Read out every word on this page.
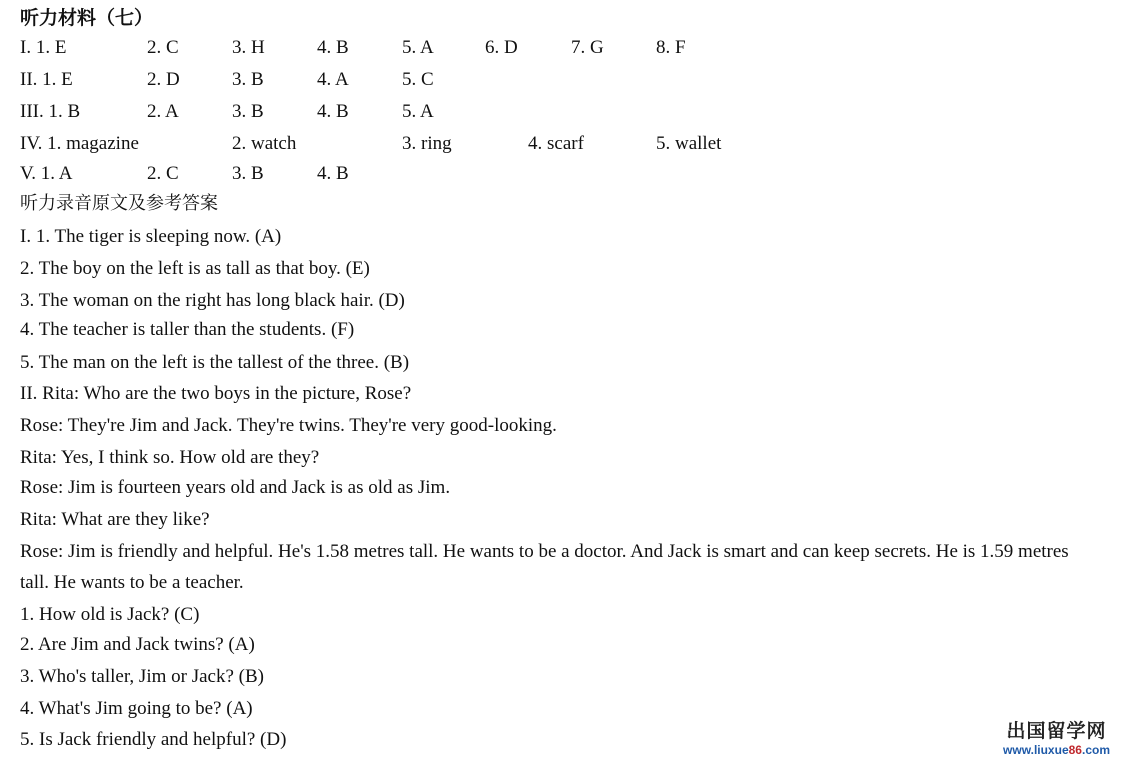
听力材料（七）
I. 1. E	2. C	3. H	4. B	5. A	6. D	7. G	8. F
II. 1. E	2. D	3. B	4. A	5. C
III. 1. B	2. A	3. B	4. B	5. A
IV. 1. magazine	2. watch	3. ring	4. scarf	5. wallet
V. 1. A	2. C	3. B	4. B
听力录音原文及参考答案
I. 1. The tiger is sleeping now. (A)
2. The boy on the left is as tall as that boy. (E)
3. The woman on the right has long black hair. (D)
4. The teacher is taller than the students. (F)
5. The man on the left is the tallest of the three. (B)
II. Rita: Who are the two boys in the picture, Rose?
Rose: They're Jim and Jack. They're twins. They're very good-looking.
Rita: Yes, I think so. How old are they?
Rose: Jim is fourteen years old and Jack is as old as Jim.
Rita: What are they like?
Rose: Jim is friendly and helpful. He's 1.58 metres tall. He wants to be a doctor. And Jack is smart and can keep secrets. He is 1.59 metres tall. He wants to be a teacher.
1. How old is Jack? (C)
2. Are Jim and Jack twins? (A)
3. Who's taller, Jim or Jack? (B)
4. What's Jim going to be? (A)
5. Is Jack friendly and helpful? (D)	出国留学网
www.liuxue86.com
